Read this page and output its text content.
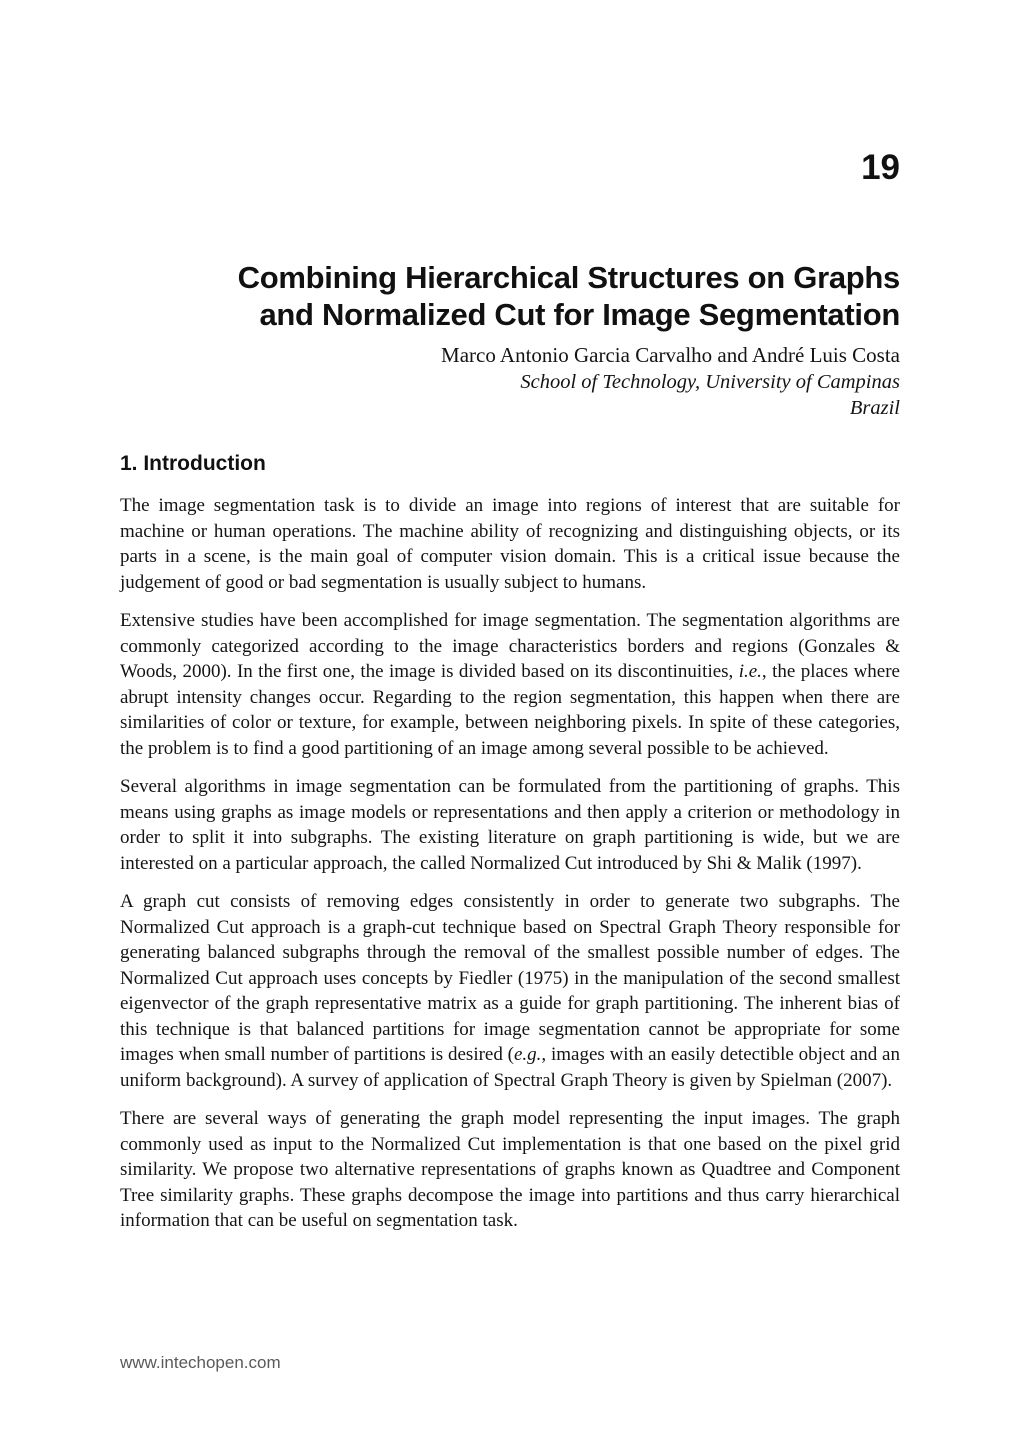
19
Combining Hierarchical Structures on Graphs
and Normalized Cut for Image Segmentation
Marco Antonio Garcia Carvalho and André Luis Costa
School of Technology, University of Campinas
Brazil
1. Introduction

The image segmentation task is to divide an image into regions of interest that are suitable for machine or human operations. The machine ability of recognizing and distinguishing objects, or its parts in a scene, is the main goal of computer vision domain. This is a critical issue because the judgement of good or bad segmentation is usually subject to humans.

Extensive studies have been accomplished for image segmentation. The segmentation algorithms are commonly categorized according to the image characteristics borders and regions (Gonzales & Woods, 2000). In the first one, the image is divided based on its discontinuities, i.e., the places where abrupt intensity changes occur. Regarding to the region segmentation, this happen when there are similarities of color or texture, for example, between neighboring pixels. In spite of these categories, the problem is to find a good partitioning of an image among several possible to be achieved.

Several algorithms in image segmentation can be formulated from the partitioning of graphs. This means using graphs as image models or representations and then apply a criterion or methodology in order to split it into subgraphs. The existing literature on graph partitioning is wide, but we are interested on a particular approach, the called Normalized Cut introduced by Shi & Malik (1997).

A graph cut consists of removing edges consistently in order to generate two subgraphs. The Normalized Cut approach is a graph-cut technique based on Spectral Graph Theory responsible for generating balanced subgraphs through the removal of the smallest possible number of edges. The Normalized Cut approach uses concepts by Fiedler (1975) in the manipulation of the second smallest eigenvector of the graph representative matrix as a guide for graph partitioning. The inherent bias of this technique is that balanced partitions for image segmentation cannot be appropriate for some images when small number of partitions is desired (e.g., images with an easily detectible object and an uniform background). A survey of application of Spectral Graph Theory is given by Spielman (2007).

There are several ways of generating the graph model representing the input images. The graph commonly used as input to the Normalized Cut implementation is that one based on the pixel grid similarity. We propose two alternative representations of graphs known as Quadtree and Component Tree similarity graphs. These graphs decompose the image into partitions and thus carry hierarchical information that can be useful on segmentation task.

www.intechopen.com
